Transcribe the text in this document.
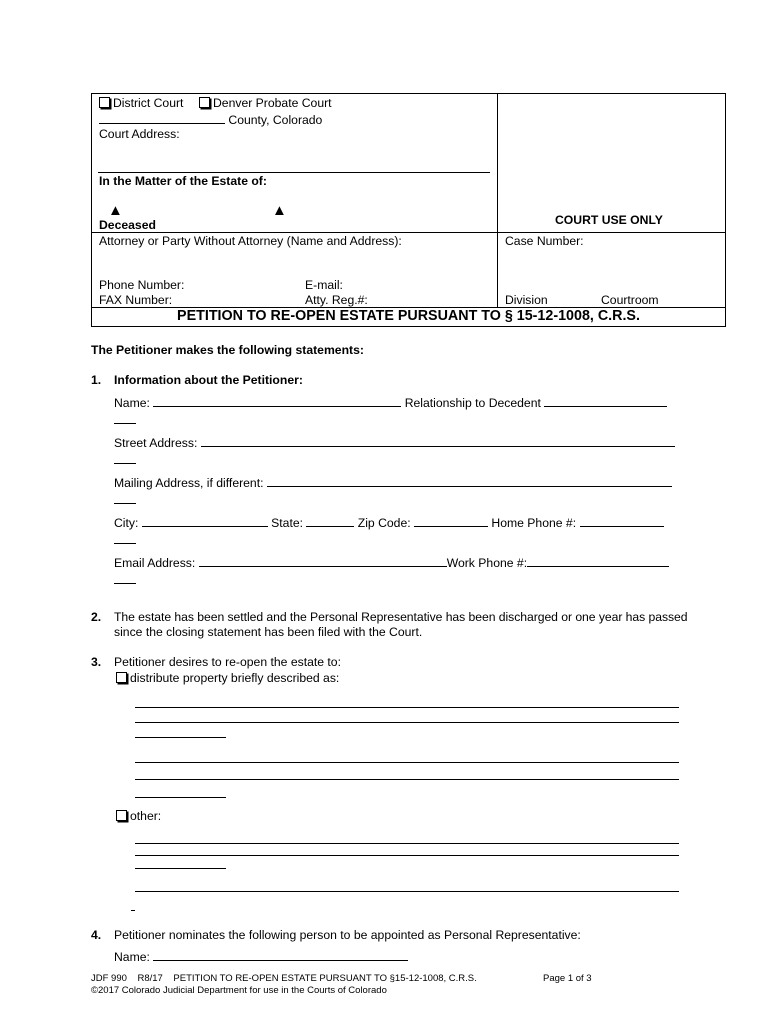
District Court	Denver Probate Court
County, Colorado
Court Address:
In the Matter of the Estate of:
▲	▲
Deceased	COURT USE ONLY
Attorney or Party Without Attorney (Name and Address):
Phone Number:	E-mail:
FAX Number:	Atty. Reg.#:
Case Number:
Division	Courtroom
PETITION TO RE-OPEN ESTATE PURSUANT TO § 15-12-1008, C.R.S.
The Petitioner makes the following statements:
1. Information about the Petitioner:
Name:	Relationship to Decedent
Street Address:
Mailing Address, if different:
City:	State:	Zip Code:	Home Phone #:
Email Address:	Work Phone #:
2. The estate has been settled and the Personal Representative has been discharged or one year has passed
since the closing statement has been filed with the Court.
3. Petitioner desires to re-open the estate to:
distribute property briefly described as:
other:
4. Petitioner nominates the following person to be appointed as Personal Representative:
Name:
JDF 990 R8/17 PETITION TO RE-OPEN ESTATE PURSUANT TO §15-12-1008, C.R.S.	Page 1 of 3
©2017 Colorado Judicial Department for use in the Courts of Colorado
